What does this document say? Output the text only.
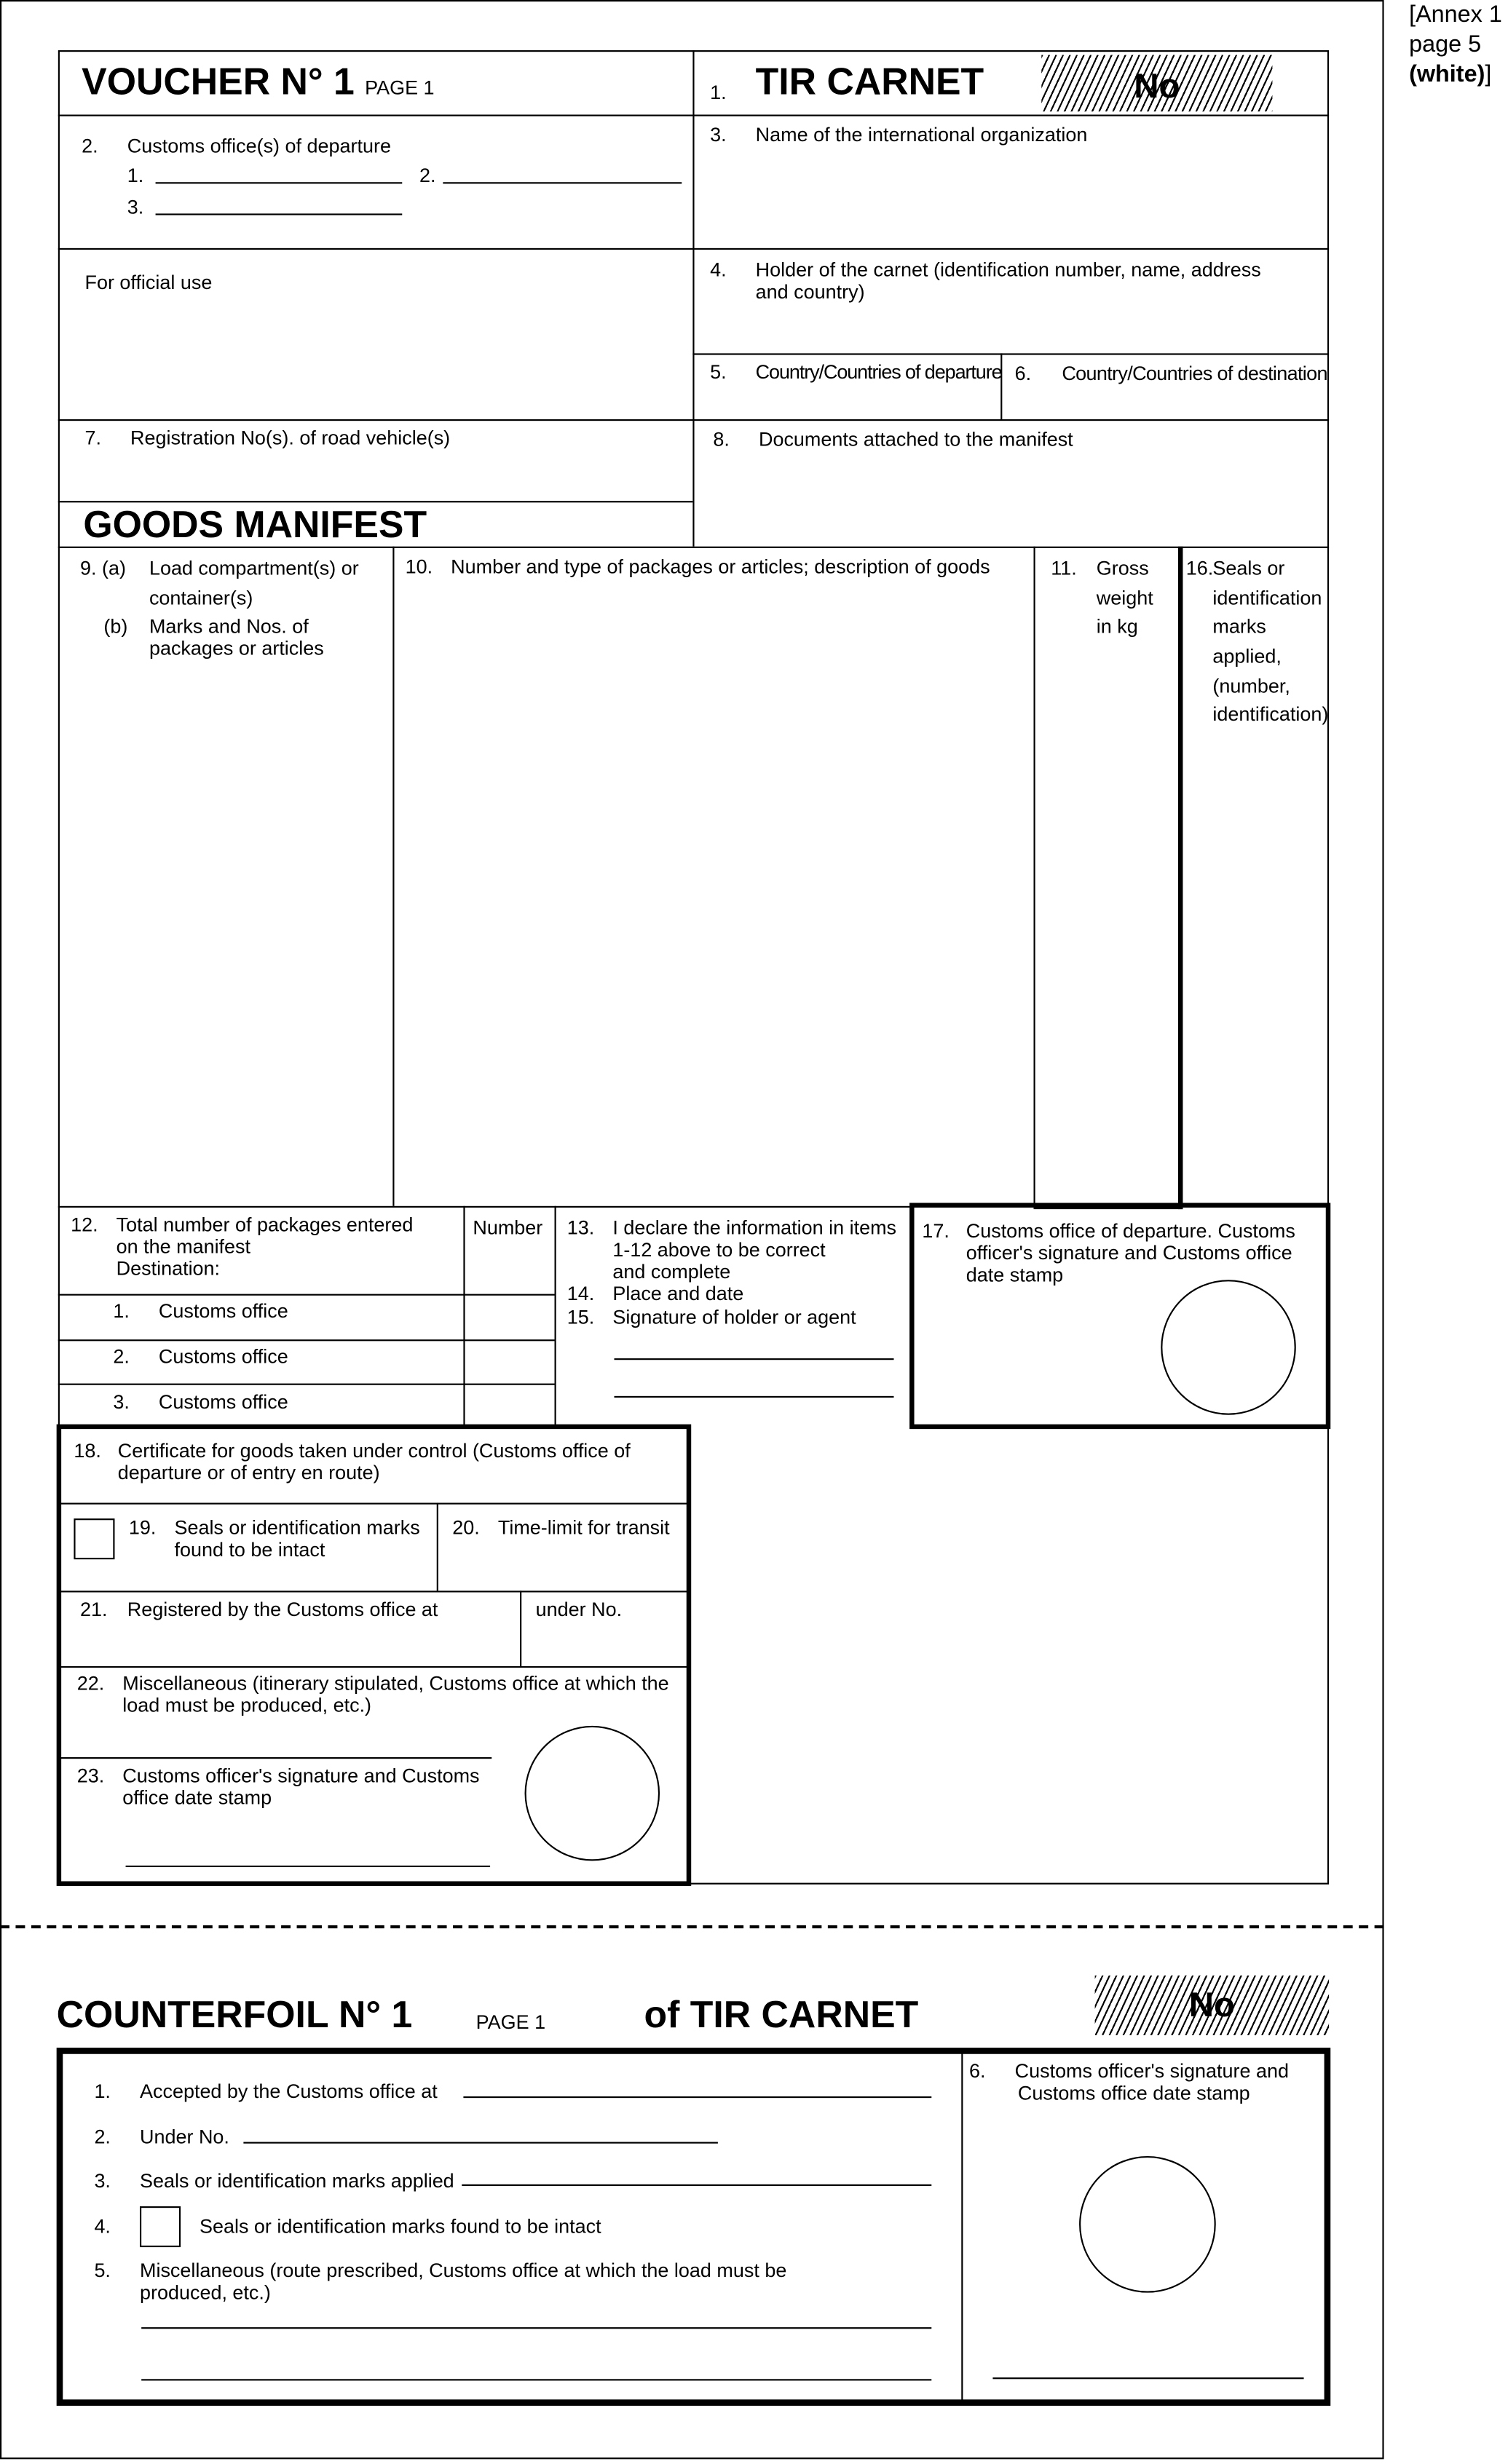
[Annex 1
page 5
(white)]
VOUCHER N° 1 PAGE 1	1. TIR CARNET	No
2.	Customs office(s) of departure
1.	2.
3.
3.	Name of the international organization
For official use
4.	Holder of the carnet (identification number, name, address
and country)
5.	Country/Countries of departure 6.	Country/Countries of destination
7.	Registration No(s). of road vehicle(s)
GOODS MANIFEST
8.	Documents attached to the manifest
9. (a)	Load compartment(s) or
container(s)
(b) Marks and Nos. of
packages or articles
10. Number and type of packages or articles; description of goods	11. Gross
weight
in kg
16. Seals or
identification
marks
applied,
(number,
identification)
12. Total number of packages entered
on the manifest
Destination:
Number
1.	Customs office
2.	Customs office
3.	Customs office
13. I declare the information in items
1-12 above to be correct
and complete
14. Place and date
15. Signature of holder or agent
17. Customs office of departure. Customs
officer's signature and Customs office
date stamp
18. Certificate for goods taken under control (Customs office of
departure or of entry en route)
19. Seals or identification marks
found to be intact
20. Time-limit for transit
21. Registered by the Customs office at	under No.
22. Miscellaneous (itinerary stipulated, Customs office at which the
load must be produced, etc.)
23. Customs officer's signature and Customs
office date stamp
COUNTERFOIL N° 1	PAGE 1	of TIR CARNET	No
1.	Accepted by the Customs office at
2.	Under No.
3.	Seals or identification marks applied
4.	Seals or identification marks found to be intact
5.	Miscellaneous (route prescribed, Customs office at which the load must be
produced, etc.)
6.	Customs officer's signature and
Customs office date stamp
